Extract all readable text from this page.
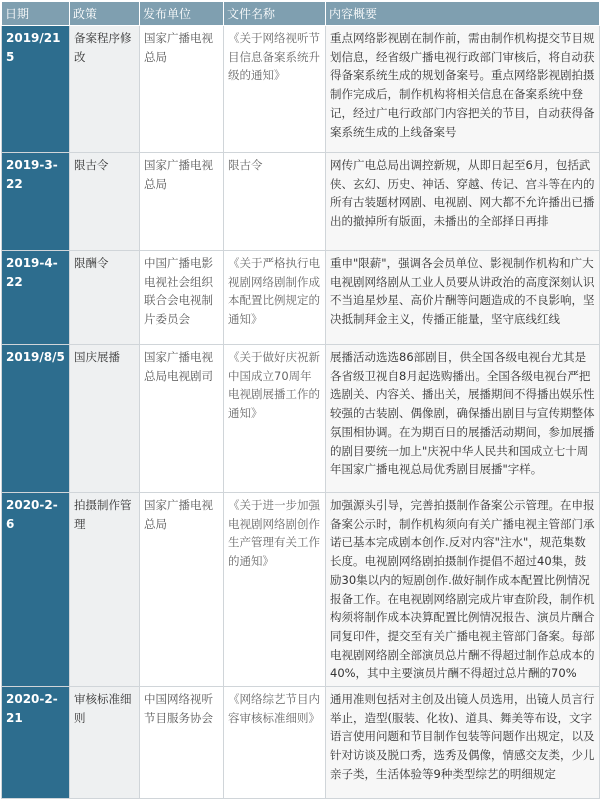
日期	政策	发布单位	文件名称	内容概要
2019/215	备案程序修改	国家广播电视总局	《关于网络视听节目信息备案系统升级的通知》	重点网络影视剧在制作前，需由制作机构提交节目规划信息，经省级广播电视行政部门审核后，将自动获得备案系统生成的规划备案号。重点网络影视剧拍摄制作完成后，制作机构将相关信息在备案系统中登记，经过广电行政部门内容把关的节目，自动获得备案系统生成的上线备案号
2019-3-22	限古令	国家广播电视总局	限古令	网传广电总局出调控新规，从即日起至6月，包括武侠、玄幻、历史、神话、穿越、传记、宫斗等在内的所有古装题材网剧、电视剧、网大都不允许播出已播出的撤掉所有版面，未播出的全部择日再排
2019-4-22	限酬令	中国广播电影电视社会组织联合会电视制片委员会	《关于严格执行电视剧网络剧制作成本配置比例规定的通知》	重申"限薪"，强调各会员单位、影视制作机构和广大电视剧网络剧从工业人员要从讲政治的高度深刻认识不当追星炒星、高价片酬等问题造成的不良影响，坚决抵制拜金主义，传播正能量，坚守底线红线
2019/8/5	国庆展播	国家广播电视总局电视剧司	《关于做好庆祝新中国成立70周年电视剧展播工作的通知》	展播活动选选86部剧目，供全国各级电视台尤其是各省级卫视自8月起选购播出。全国各级电视台严把选剧关、内容关、播出关，展播期间不得播出娱乐性较强的古装剧、偶像剧，确保播出剧目与宣传期整体氛围相协调。在为期百日的展播活动期间，参加展播的剧目要统一加上"庆祝中华人民共和国成立七十周年国家广播电视总局优秀剧目展播"字样。
2020-2-6	拍摄制作管理	国家广播电视总局	《关于进一步加强电视剧网络剧创作生产管理有关工作的通知》	加强源头引导，完善拍摄制作备案公示管理。在申报备案公示时，制作机构须向有关广播电视主管部门承诺已基本完成剧本创作.反对内容"注水"，规范集数长度。电视剧网络剧拍摄制作提倡不超过40集，鼓励30集以内的短剧创作.做好制作成本配置比例情况报备工作。在电视剧网络剧完成片审查阶段，制作机构须将制作成本决算配置比例情况报告、演员片酬合同复印件，提交至有关广播电视主管部门备案。每部电视剧网络剧全部演员总片酬不得超过制作总成本的40%，其中主要演员片酬不得超过总片酬的70%
2020-2-21	审核标准细则	中国网络视听节目服务协会	《网络综艺节目内容审核标准细则》	通用准则包括对主创及出镜人员选用，出镜人员言行举止，造型(服装、化妆)、道具、舞美等布设，文字语言使用问题和节目制作包装等问题作出规定，以及针对访谈及脱口秀，选秀及偶像，情感交友类，少儿亲子类，生活体验等9种类型综艺的明细规定
